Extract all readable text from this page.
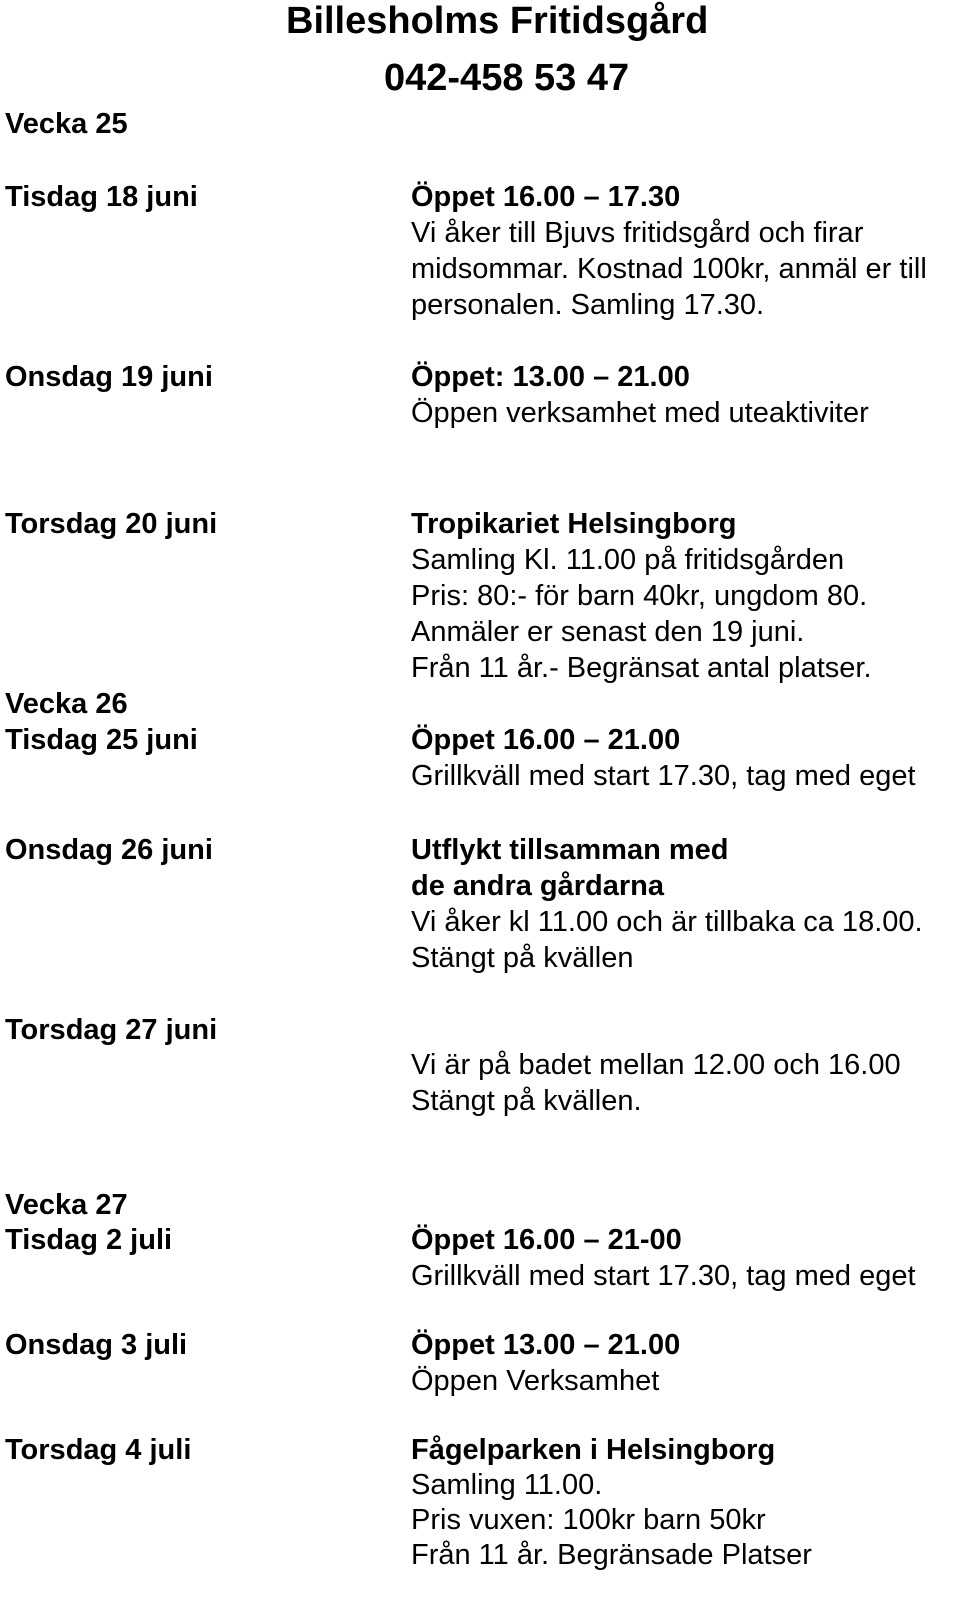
Billesholms Fritidsgård
042-458 53 47
Vecka 25
Tisdag 18 juni	Öppet 16.00 – 17.30
Vi åker till Bjuvs fritidsgård och firar
midsommar. Kostnad 100kr, anmäl er till
personalen. Samling 17.30.
Onsdag 19 juni	Öppet: 13.00 – 21.00
Öppen verksamhet med uteaktiviter
Torsdag 20 juni	Tropikariet Helsingborg
Samling Kl. 11.00 på fritidsgården
Pris: 80:- för barn 40kr, ungdom 80.
Anmäler er senast den 19 juni.
Från 11 år.- Begränsat antal platser.
Vecka 26
Tisdag 25 juni	Öppet 16.00 – 21.00
Grillkväll med start 17.30, tag med eget
Onsdag 26 juni	Utflykt tillsamman med
de andra gårdarna
Vi åker kl 11.00 och är tillbaka ca 18.00.
Stängt på kvällen
Torsdag 27 juni
Vi är på badet mellan 12.00 och 16.00
Stängt på kvällen.
Vecka 27
Tisdag 2 juli	Öppet 16.00 – 21-00
Grillkväll med start 17.30, tag med eget
Onsdag 3 juli	Öppet 13.00 – 21.00
Öppen Verksamhet
Torsdag 4 juli	Fågelparken i Helsingborg
Samling 11.00.
Pris vuxen: 100kr barn 50kr
Från 11 år. Begränsade Platser
